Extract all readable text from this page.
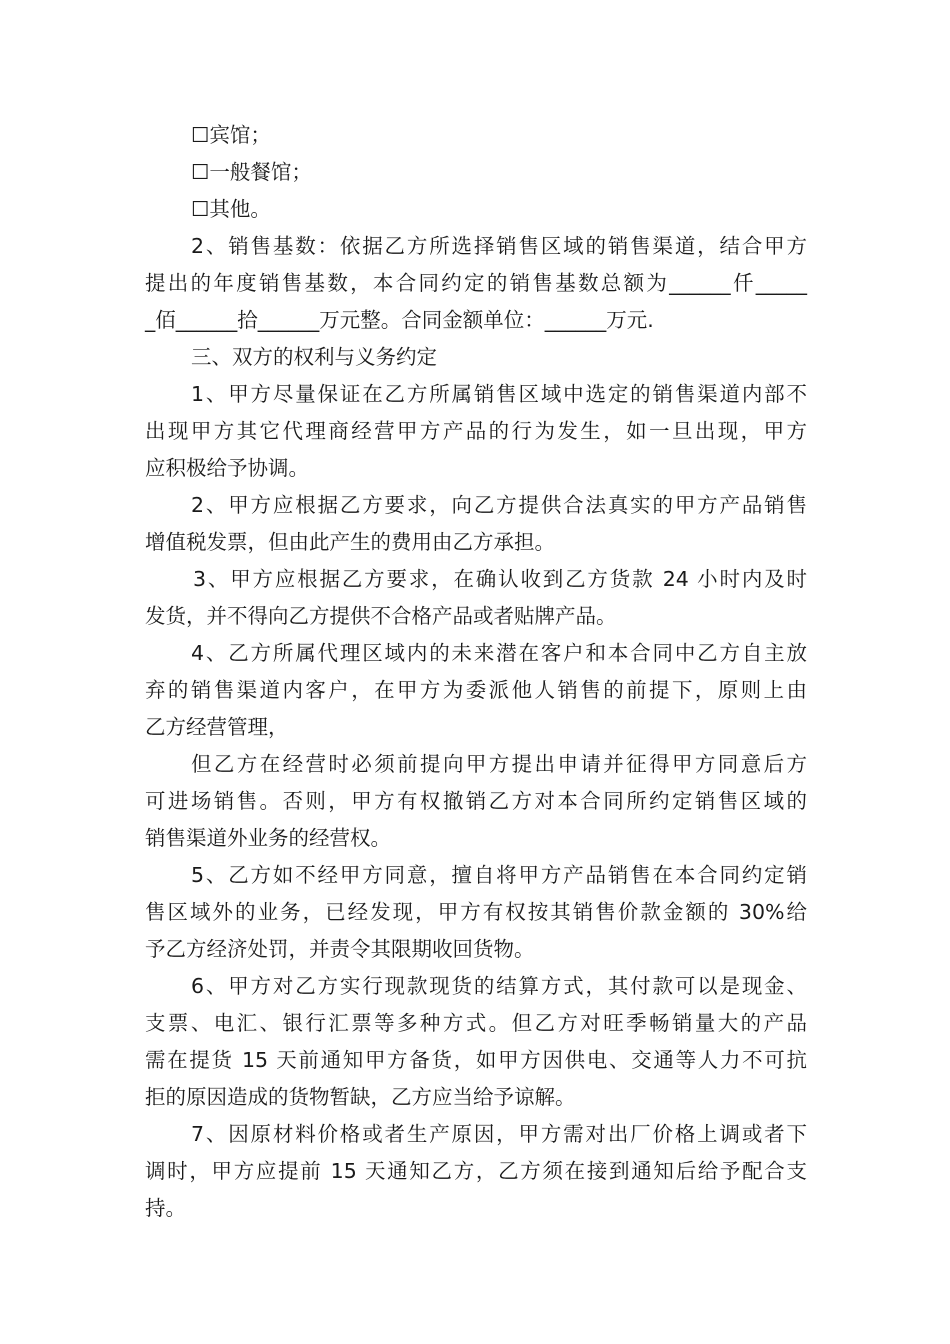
☐宾馆；
☐一般餐馆；
☐其他。
2、销售基数：依据乙方所选择销售区域的销售渠道，结合甲方
提出的年度销售基数，本合同约定的销售基数总额为______仟_____
_佰______拾______万元整。合同金额单位：______万元.
三、双方的权利与义务约定
1、甲方尽量保证在乙方所属销售区域中选定的销售渠道内部不
出现甲方其它代理商经营甲方产品的行为发生，如一旦出现，甲方
应积极给予协调。
2、甲方应根据乙方要求，向乙方提供合法真实的甲方产品销售
增值税发票，但由此产生的费用由乙方承担。
3、甲方应根据乙方要求，在确认收到乙方货款 24 小时内及时
发货，并不得向乙方提供不合格产品或者贴牌产品。
4、乙方所属代理区域内的未来潜在客户和本合同中乙方自主放
弃的销售渠道内客户，在甲方为委派他人销售的前提下，原则上由
乙方经营管理，
但乙方在经营时必须前提向甲方提出申请并征得甲方同意后方
可进场销售。否则，甲方有权撤销乙方对本合同所约定销售区域的
销售渠道外业务的经营权。
5、乙方如不经甲方同意，擅自将甲方产品销售在本合同约定销
售区域外的业务，已经发现，甲方有权按其销售价款金额的 30%给
予乙方经济处罚，并责令其限期收回货物。
6、甲方对乙方实行现款现货的结算方式，其付款可以是现金、
支票、电汇、银行汇票等多种方式。但乙方对旺季畅销量大的产品
需在提货 15 天前通知甲方备货，如甲方因供电、交通等人力不可抗
拒的原因造成的货物暂缺，乙方应当给予谅解。
7、因原材料价格或者生产原因，甲方需对出厂价格上调或者下
调时，甲方应提前 15 天通知乙方，乙方须在接到通知后给予配合支
持。
